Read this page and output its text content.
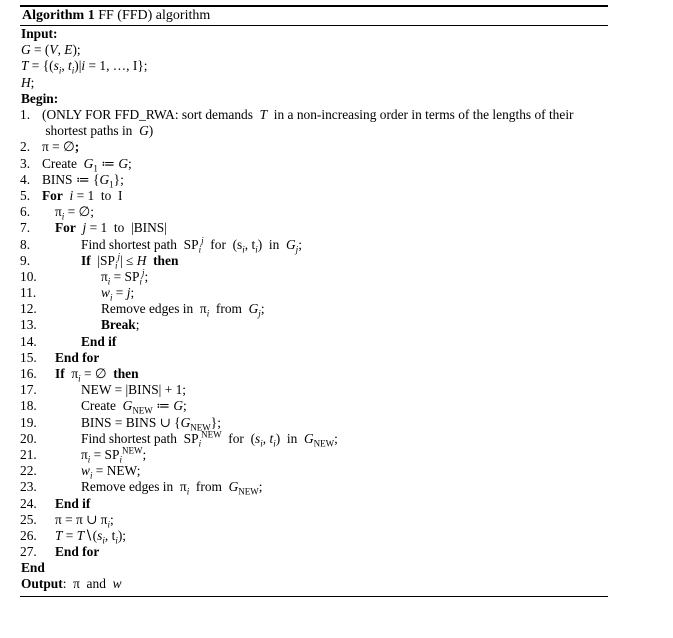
Algorithm 1 FF (FFD) algorithm
Input:
G = (V, E);
$T = \{(s_i$, $t_i)|i = 1$, …, I};
H;
Begin:
1. (ONLY FOR FFD_RWA: sort demands  T  in a non-increasing order in terms of the lengths of their
shortest paths in  G)
2. π = ∅;
3. Create  $G_1$ ≔ G;
4. BINS ≔ $\{G_1\}$;
5. For i = 1  to  I
6.	$\pi_i$ = ∅;
7.	For j = 1  to  |BINS|
8.	Find shortest path  $SP_i^j$  for  ($s_i$, $t_i$)  in  $G_j$;
9.	If  $|SP_i^j| \le H$ then
10.	$\pi_i = SP_i^j$;
11.	$w_i = j$;
12.	Remove edges in  $\pi_i$  from  $G_j$;
13.	Break;
14.	End if
15.	End for
16.	If  $\pi_i$ = ∅  then
17.	NEW = |BINS| + 1;
18.	Create  $G_{NEW}$ ≔ G;
19.	BINS = BINS ∪ $\{G_{NEW}\}$;
20.	Find shortest path  $SP_i^{NEW}$  for  ($s_i$, $t_i$)  in  $G_{NEW}$;
21.	$\pi_i = SP_i^{NEW}$;
22.	$w_i$ = NEW;
23.	Remove edges in  $\pi_i$  from  $G_{NEW}$;
24.	End if
25.	π = π ∪ $\pi_i$;
26.	$T = T∖(s_i$, $t_i$);
27.	End for
End
Output:  π  and  w
